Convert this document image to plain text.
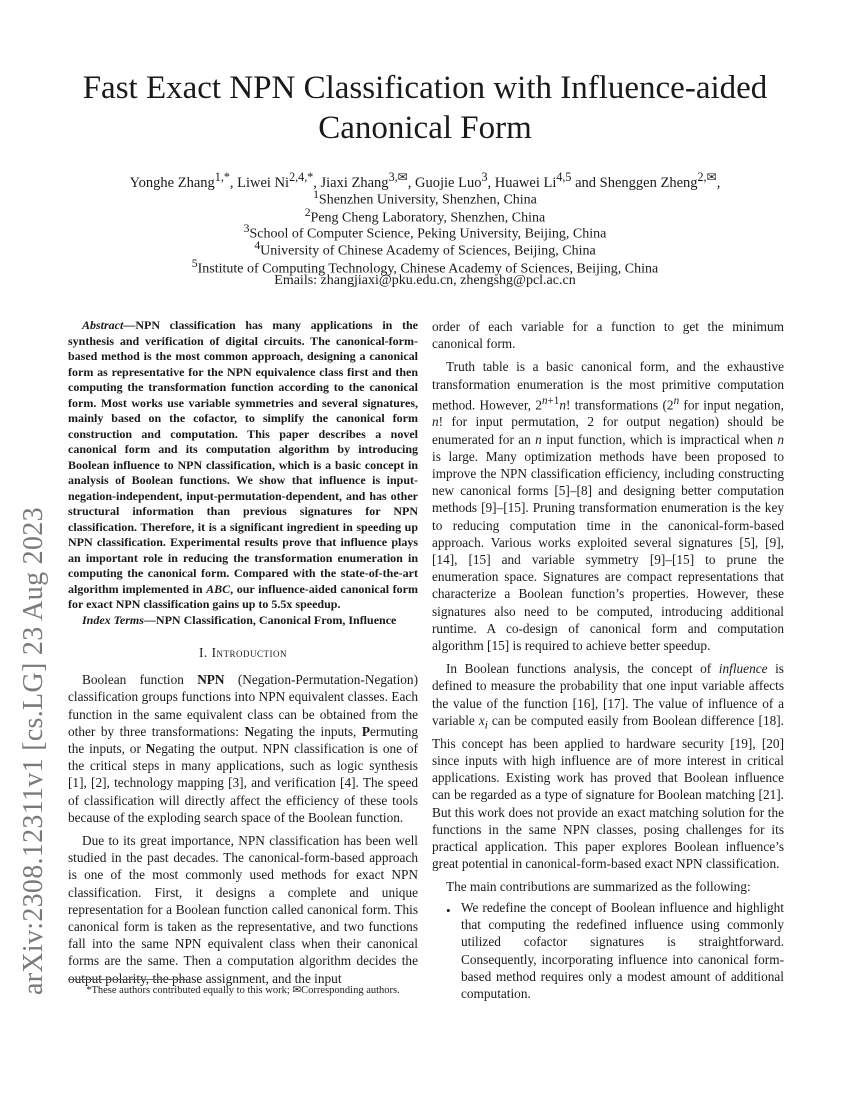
Fast Exact NPN Classification with Influence-aided Canonical Form
Yonghe Zhang$^{1,*}$, Liwei $Ni^{2,4,*}$, Jiaxi Zhang$^{3,✉}$, Guojie Luo$^3$, Huawei Li$^{4,5}$ and Shenggen Zheng$^{2,✉}$,
$^1$Shenzhen University, Shenzhen, China
$^2$Peng Cheng Laboratory, Shenzhen, China
$^3$School of Computer Science, Peking University, Beijing, China
$^4$University of Chinese Academy of Sciences, Beijing, China
$^5$Institute of Computing Technology, Chinese Academy of Sciences, Beijing, China
Emails: zhangjiaxi@pku.edu.cn, zhengshg@pcl.ac.cn
arXiv:2308.12311v1 [cs.LG] 23 Aug 2023

Abstract—NPN classification has many applications in the synthesis and verification of digital circuits. The canonical-form-based method is the most common approach, designing a canonical form as representative for the NPN equivalence class first and then computing the transformation function according to the canonical form. Most works use variable symmetries and several signatures, mainly based on the cofactor, to simplify the canonical form construction and computation. This paper describes a novel canonical form and its computation algorithm by introducing Boolean influence to NPN classification, which is a basic concept in analysis of Boolean functions. We show that influence is input-negation-independent, input-permutation-dependent, and has other structural information than previous signatures for NPN classification. Therefore, it is a significant ingredient in speeding up NPN classification. Experimental results prove that influence plays an important role in reducing the transformation enumeration in computing the canonical form. Compared with the state-of-the-art algorithm implemented in ABC, our influence-aided canonical form for exact NPN classification gains up to 5.5x speedup.

Index Terms—NPN Classification, Canonical From, Influence

I. Introduction

Boolean function NPN (Negation-Permutation-Negation) classification groups functions into NPN equivalent classes. Each function in the same equivalent class can be obtained from the other by three transformations: Negating the inputs, Permuting the inputs, or Negating the output. NPN classification is one of the critical steps in many applications, such as logic synthesis [1], [2], technology mapping [3], and verification [4]. The speed of classification will directly affect the efficiency of these tools because of the exploding search space of the Boolean function.

Due to its great importance, NPN classification has been well studied in the past decades. The canonical-form-based approach is one of the most commonly used methods for exact NPN classification. First, it designs a complete and unique representation for a Boolean function called canonical form. This canonical form is taken as the representative, and two functions fall into the same NPN equivalent class when their canonical forms are the same. Then a computation algorithm decides the output polarity, the phase assignment, and the input

*These authors contributed equally to this work; ✉Corresponding authors.

order of each variable for a function to get the minimum canonical form.

Truth table is a basic canonical form, and the exhaustive transformation enumeration is the most primitive computation method. However, $2^{n+1}n$! transformations (2$^n$ for input negation, n! for input permutation, 2 for output negation) should be enumerated for an n input function, which is impractical when n is large. Many optimization methods have been proposed to improve the NPN classification efficiency, including constructing new canonical forms [5]–[8] and designing better computation methods [9]–[15]. Pruning transformation enumeration is the key to reducing computation time in the canonical-form-based approach. Various works exploited several signatures [5], [9], [14], [15] and variable symmetry [9]–[15] to prune the enumeration space. Signatures are compact representations that characterize a Boolean function’s properties. However, these signatures also need to be computed, introducing additional runtime. A co-design of canonical form and computation algorithm [15] is required to achieve better speedup.

In Boolean functions analysis, the concept of influence is defined to measure the probability that one input variable affects the value of the function [16], [17]. The value of influence of a variable $x_i$ can be computed easily from Boolean difference [18]. This concept has been applied to hardware security [19], [20] since inputs with high influence are of more interest in critical applications. Existing work has proved that Boolean influence can be regarded as a type of signature for Boolean matching [21]. But this work does not provide an exact matching solution for the functions in the same NPN classes, posing challenges for its practical application. This paper explores Boolean influence’s great potential in canonical-form-based exact NPN classification.

The main contributions are summarized as the following:

• We redefine the concept of Boolean influence and highlight that computing the redefined influence using commonly utilized cofactor signatures is straightforward. Consequently, incorporating influence into canonical form-based method requires only a modest amount of additional computation.
